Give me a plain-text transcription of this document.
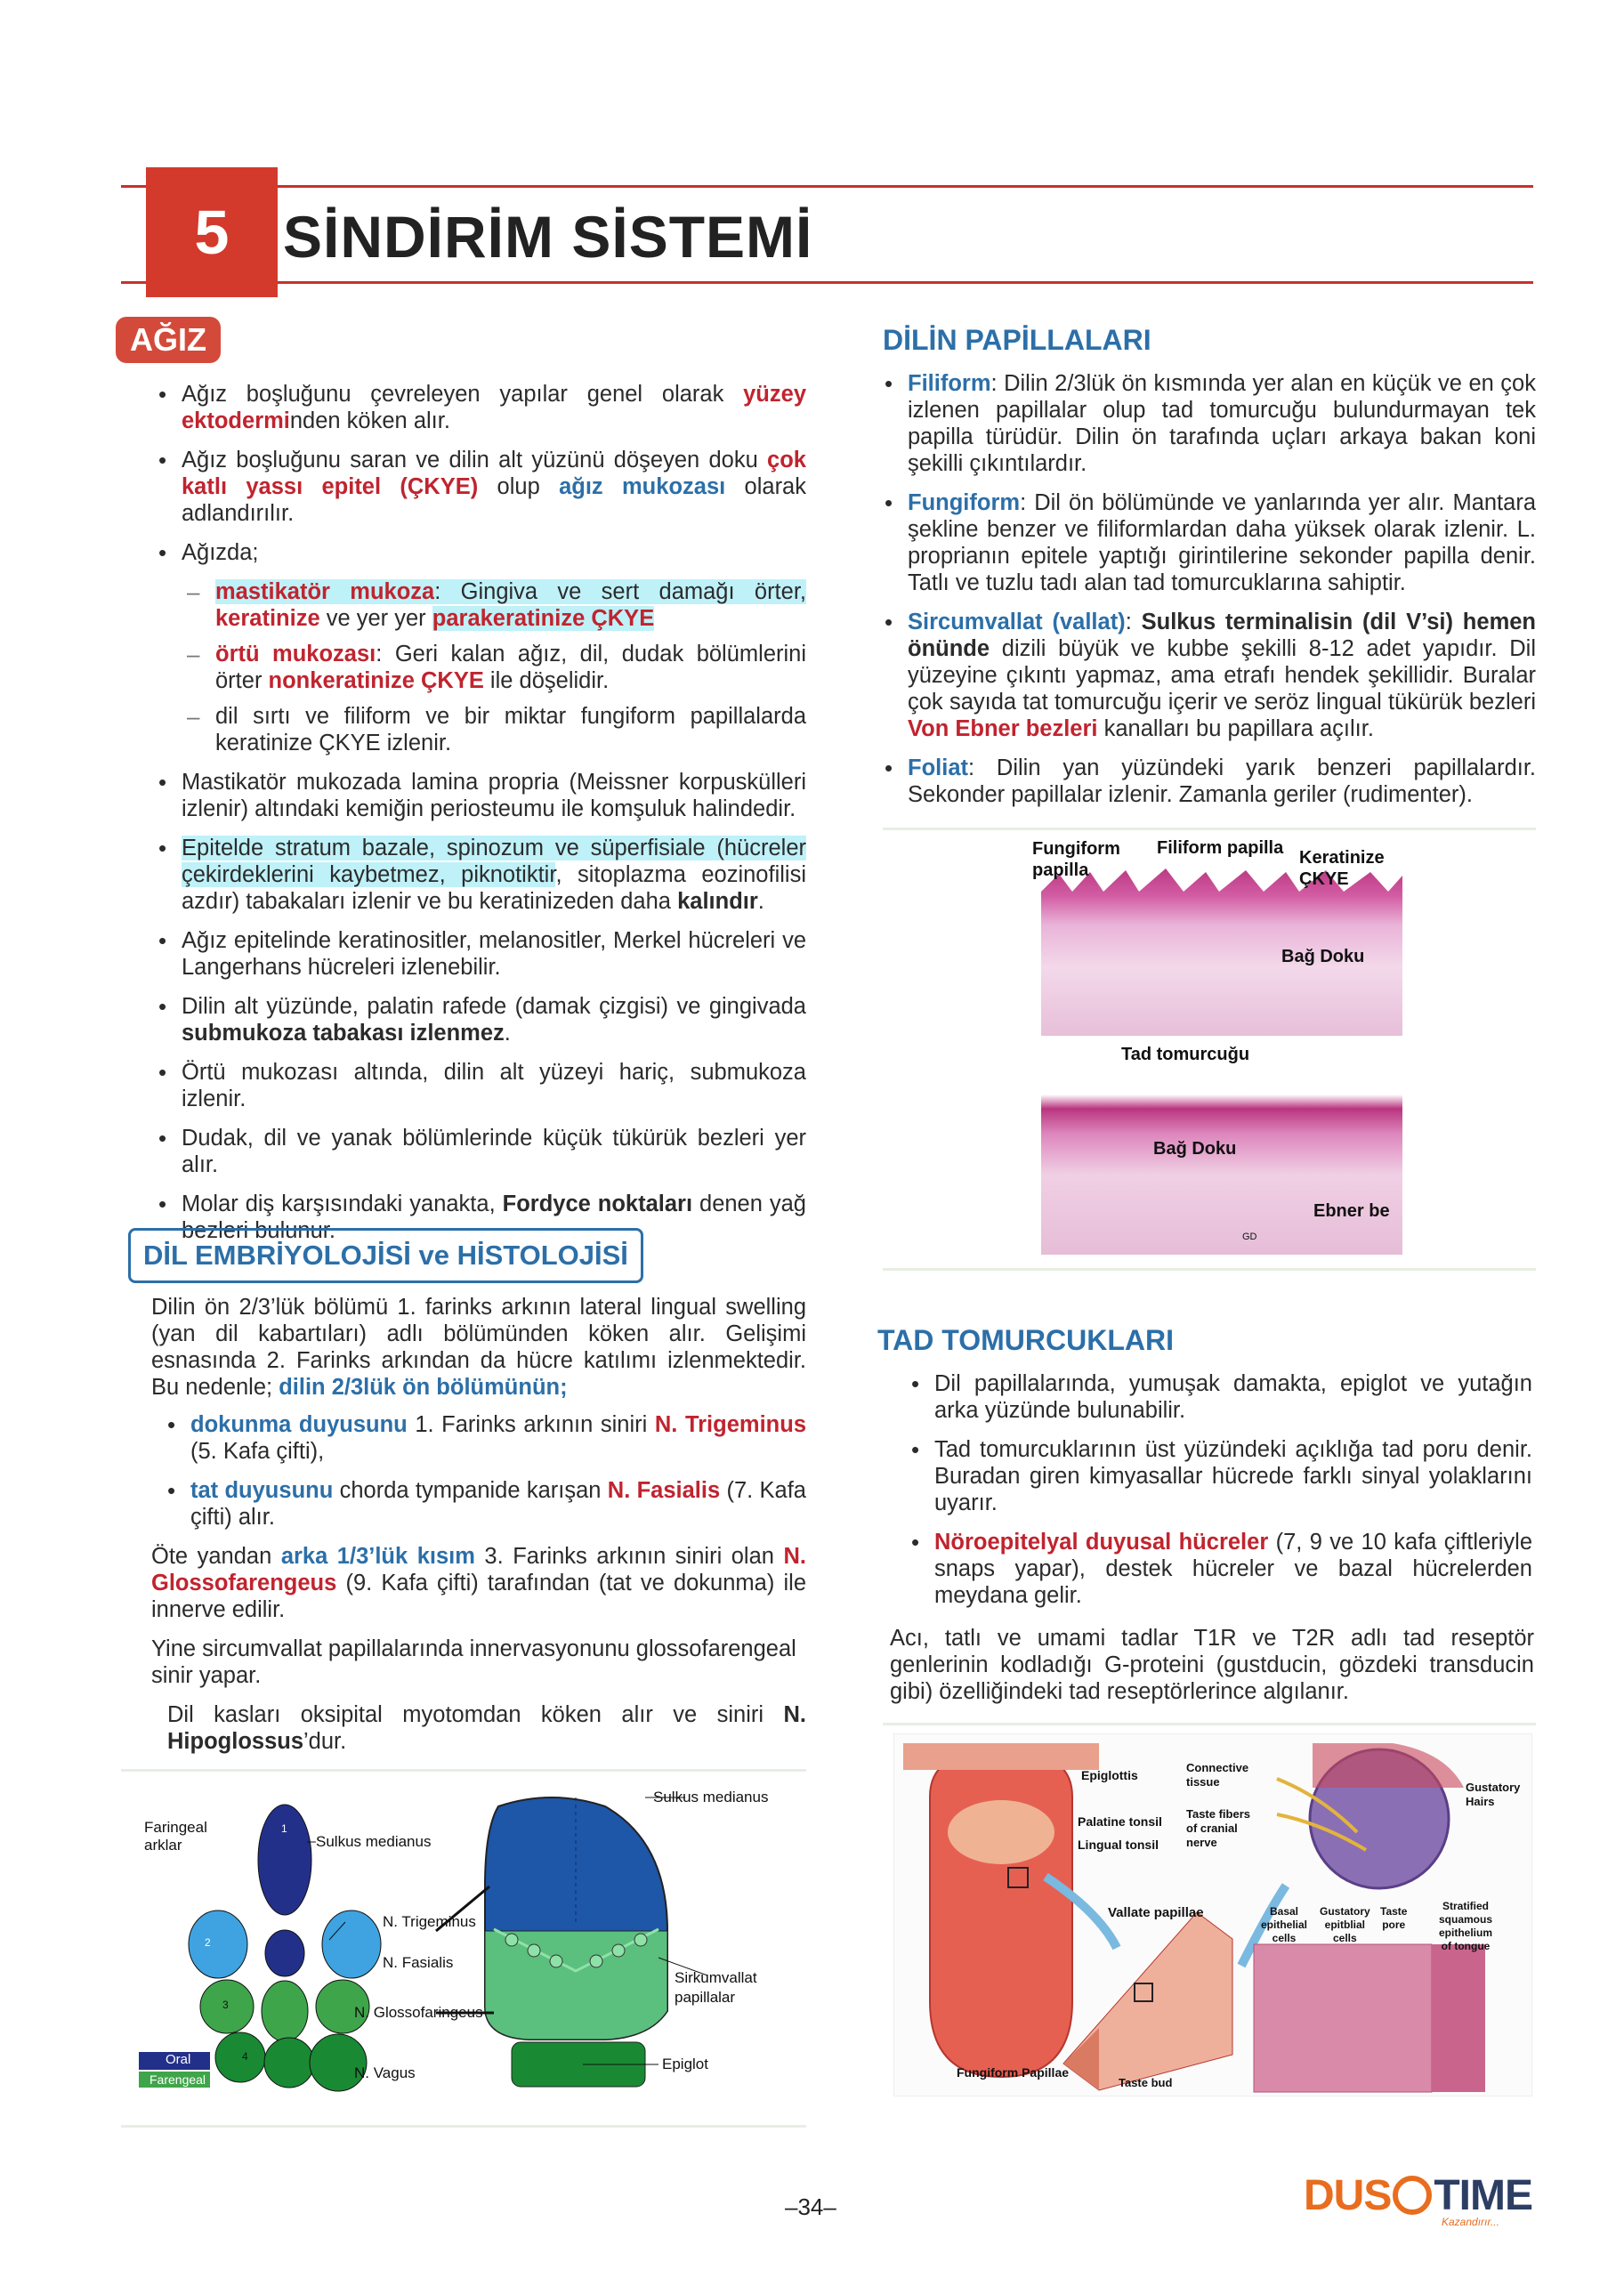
5 SİNDİRİM SİSTEMİ
AĞIZ
• Ağız boşluğunu çevreleyen yapılar genel olarak yüzey ektoderminden köken alır.
• Ağız boşluğunu saran ve dilin alt yüzünü döşeyen doku çok katlı yassı epitel (ÇKYE) olup ağız mukozası olarak adlandırılır.
• Ağızda;
– mastikatör mukoza: Gingiva ve sert damağı örter, keratinize ve yer yer parakeratinize ÇKYE
– örtü mukozası: Geri kalan ağız, dil, dudak bölümlerini örter nonkeratinize ÇKYE ile döşelidir.
– dil sırtı ve filiform ve bir miktar fungiform papillalarda keratinize ÇKYE izlenir.
• Mastikatör mukozada lamina propria (Meissner korpuskülleri izlenir) altındaki kemiğin periosteumu ile komşuluk halindedir.
• Epitelde stratum bazale, spinozum ve süperfisiale (hücreler çekirdeklerini kaybetmez, piknotiktir, sitoplazma eozinofilisi azdır) tabakaları izlenir ve bu keratinizeden daha kalındır.
• Ağız epitelinde keratinositler, melanositler, Merkel hücreleri ve Langerhans hücreleri izlenebilir.
• Dilin alt yüzünde, palatin rafede (damak çizgisi) ve gingivada submukoza tabakası izlenmez.
• Örtü mukozası altında, dilin alt yüzeyi hariç, submukoza izlenir.
• Dudak, dil ve yanak bölümlerinde küçük tükürük bezleri yer alır.
• Molar diş karşısındaki yanakta, Fordyce noktaları denen yağ bezleri bulunur.
DİL EMBRİYOLOJİSİ ve HİSTOLOJİSİ

Dilin ön 2/3’lük bölümü 1. farinks arkının lateral lingual swelling (yan dil kabartıları) adlı bölümünden köken alır. Gelişimi esnasında 2. Farinks arkından da hücre katılımı izlenmektedir. Bu nedenle; dilin 2/3lük ön bölümünün;

• dokunma duyusunu 1. Farinks arkının siniri N. Trigeminus (5. Kafa çifti),
• tat duyusunu chorda tympanide karışan N. Fasialis (7. Kafa çifti) alır.

Öte yandan arka 1/3’lük kısım 3. Farinks arkının siniri olan N. Glossofarengeus (9. Kafa çifti) tarafından (tat ve dokunma) ile innerve edilir.

Yine sircumvallat papillalarında innervasyonunu glossofarengeal sinir yapar.

Dil kasları oksipital myotomdan köken alır ve siniri N. Hipoglossus’dur.

Faringeal
arklar	Sulkus medianus
N. Trigeminus
N. Fasialis
N. Glossofaringeus
N. Vagus
Oral
Farengeal
1
2
3
4
Sulkus medianus
Sirkumvallat
papillalar
Epiglot
DİLİN PAPİLLALARI
• Filiform: Dilin 2/3lük ön kısmında yer alan en küçük ve en çok izlenen papillalar olup tad tomurcuğu bulundurmayan tek papilla türüdür. Dilin ön tarafında uçları arkaya bakan koni şekilli çıkıntılardır.
• Fungiform: Dil ön bölümünde ve yanlarında yer alır. Mantara şekline benzer ve filiformlardan daha yüksek olarak izlenir. L. proprianın epitele yaptığı girintilerine sekonder papilla denir. Tatlı ve tuzlu tadı alan tad tomurcuklarına sahiptir.
• Sircumvallat (vallat): Sulkus terminalisin (dil V’si) hemen önünde dizili büyük ve kubbe şekilli 8-12 adet yapıdır. Dil yüzeyine çıkıntı yapmaz, ama etrafı hendek şekillidir. Buralar çok sayıda tat tomurcuğu içerir ve seröz lingual tükürük bezleri Von Ebner bezleri kanalları bu papillara açılır.
• Foliat: Dilin yan yüzündeki yarık benzeri papillalardır. Sekonder papillalar izlenir. Zamanla geriler (rudimenter).
Fungiform
papilla
Filiform papilla Keratinize
ÇKYE
Bağ Doku
Tad tomurcuğu
Bağ Doku
Ebner be
GD
TAD TOMURCUKLARI
• Dil papillalarında, yumuşak damakta, epiglot ve yutağın arka yüzünde bulunabilir.
• Tad tomurcuklarının üst yüzündeki açıklığa tad poru denir. Buradan giren kimyasallar hücrede farklı sinyal yolaklarını uyarır.
• Nöroepitelyal duyusal hücreler (7, 9 ve 10 kafa çiftleriyle snaps yapar), destek hücreler ve bazal hücrelerden meydana gelir.
Acı, tatlı ve umami tadlar T1R ve T2R adlı tad reseptör genlerinin kodladığı G-proteini (gustducin, gözdeki transducin gibi) özelliğindeki tad reseptörlerince algılanır.
Epiglottis
Palatine tonsil
Lingual tonsil
Connective
tissue
Taste fibers
of cranial
nerve
Gustatory
Hairs
Vallate papillae	Basal
epithelial
cells
Gustatory
epitblial
cells
Taste
pore
Stratified
squamous
epithelium
of tongue
Fungiform Papillae
Taste bud
–34–	DUS TIME
Kazandırır...
